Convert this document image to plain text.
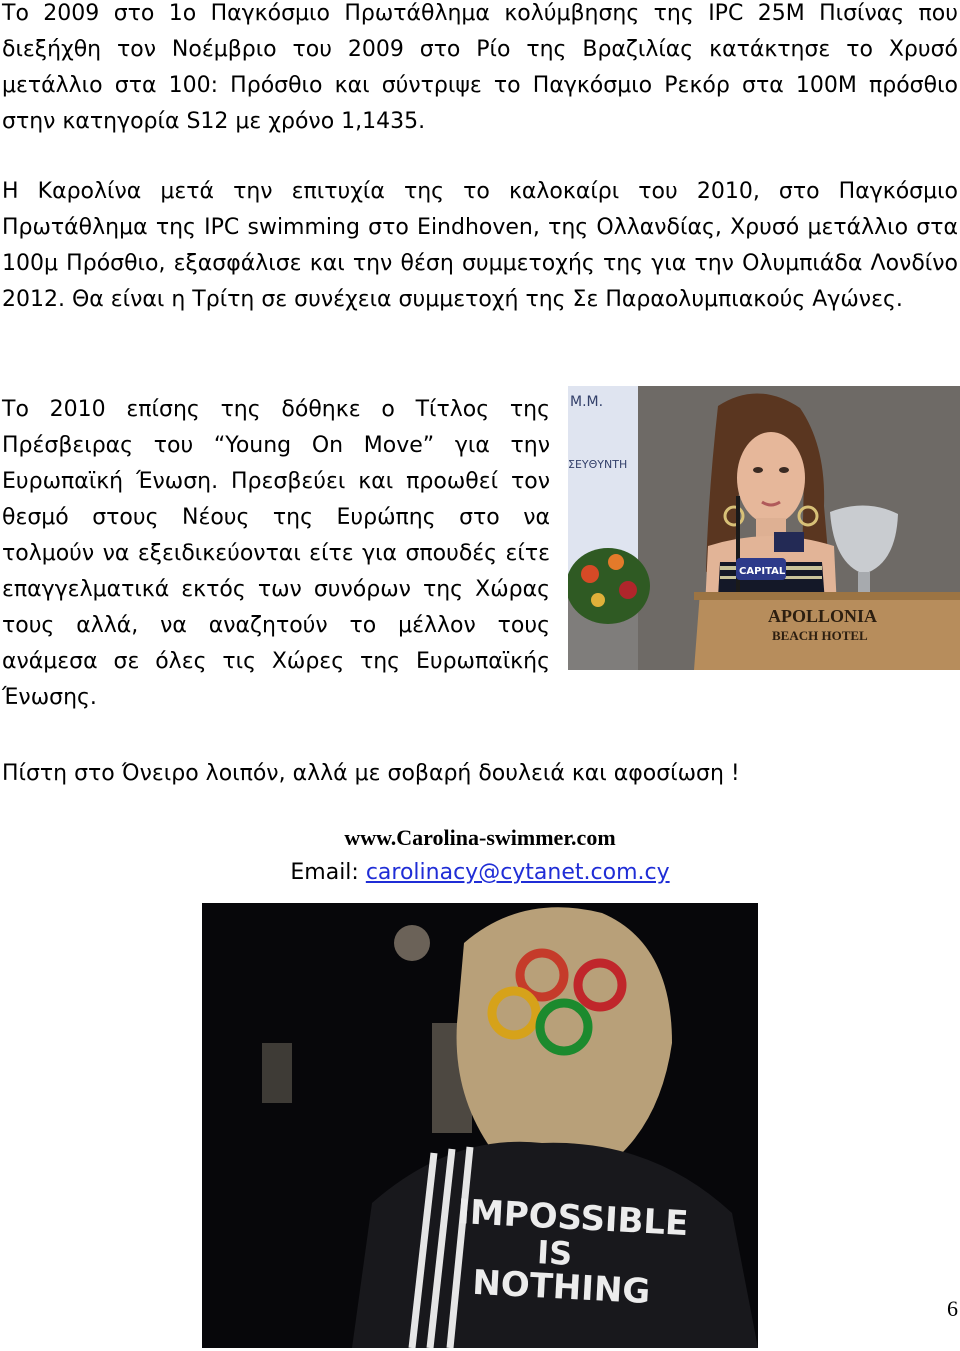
Το 2009 στο 1ο Παγκόσμιο Πρωτάθλημα κολύμβησης της IPC 25M Πισίνας που διεξήχθη τον Νοέμβριο του 2009 στο Ρίο της Βραζιλίας κατάκτησε το Χρυσό μετάλλιο στα 100: Πρόσθιο και σύντριψε το Παγκόσμιο Ρεκόρ στα 100M πρόσθιο στην κατηγορία S12 με χρόνο 1,1435.

Η Καρολίνα μετά την επιτυχία της το καλοκαίρι του 2010, στο Παγκόσμιο Πρωτάθλημα της IPC swimming στο Eindhoven, της Ολλανδίας, Χρυσό μετάλλιο στα 100μ Πρόσθιο, εξασφάλισε και την θέση συμμετοχής της για την Ολυμπιάδα Λονδίνο 2012. Θα είναι η Τρίτη σε συνέχεια συμμετοχή της Σε Παραολυμπιακούς Αγώνες.

Το 2010 επίσης της δόθηκε ο Τίτλος της Πρέσβειρας του “Young On Move” για την Ευρωπαϊκή Ένωση. Πρεσβεύει και προωθεί τον θεσμό στους Νέους της Ευρώπης στο να τολμούν να εξειδικεύονται είτε για σπουδές είτε επαγγελματικά εκτός των συνόρων της Χώρας τους αλλά, να αναζητούν το μέλλον τους ανάμεσα σε όλες τις Χώρες της Ευρωπαϊκής Ένωσης.

Μ.Μ.
ΣΕΥΘΥΝΤΗ
CAPITAL
APOLLONIA
BEACH HOTEL

Πίστη στο Όνειρο λοιπόν, αλλά με σοβαρή δουλειά και αφοσίωση !

www.Carolina-swimmer.com

Email: carolinacy@cytanet.com.cy

IMPOSSIBLE
IS
NOTHING	6
